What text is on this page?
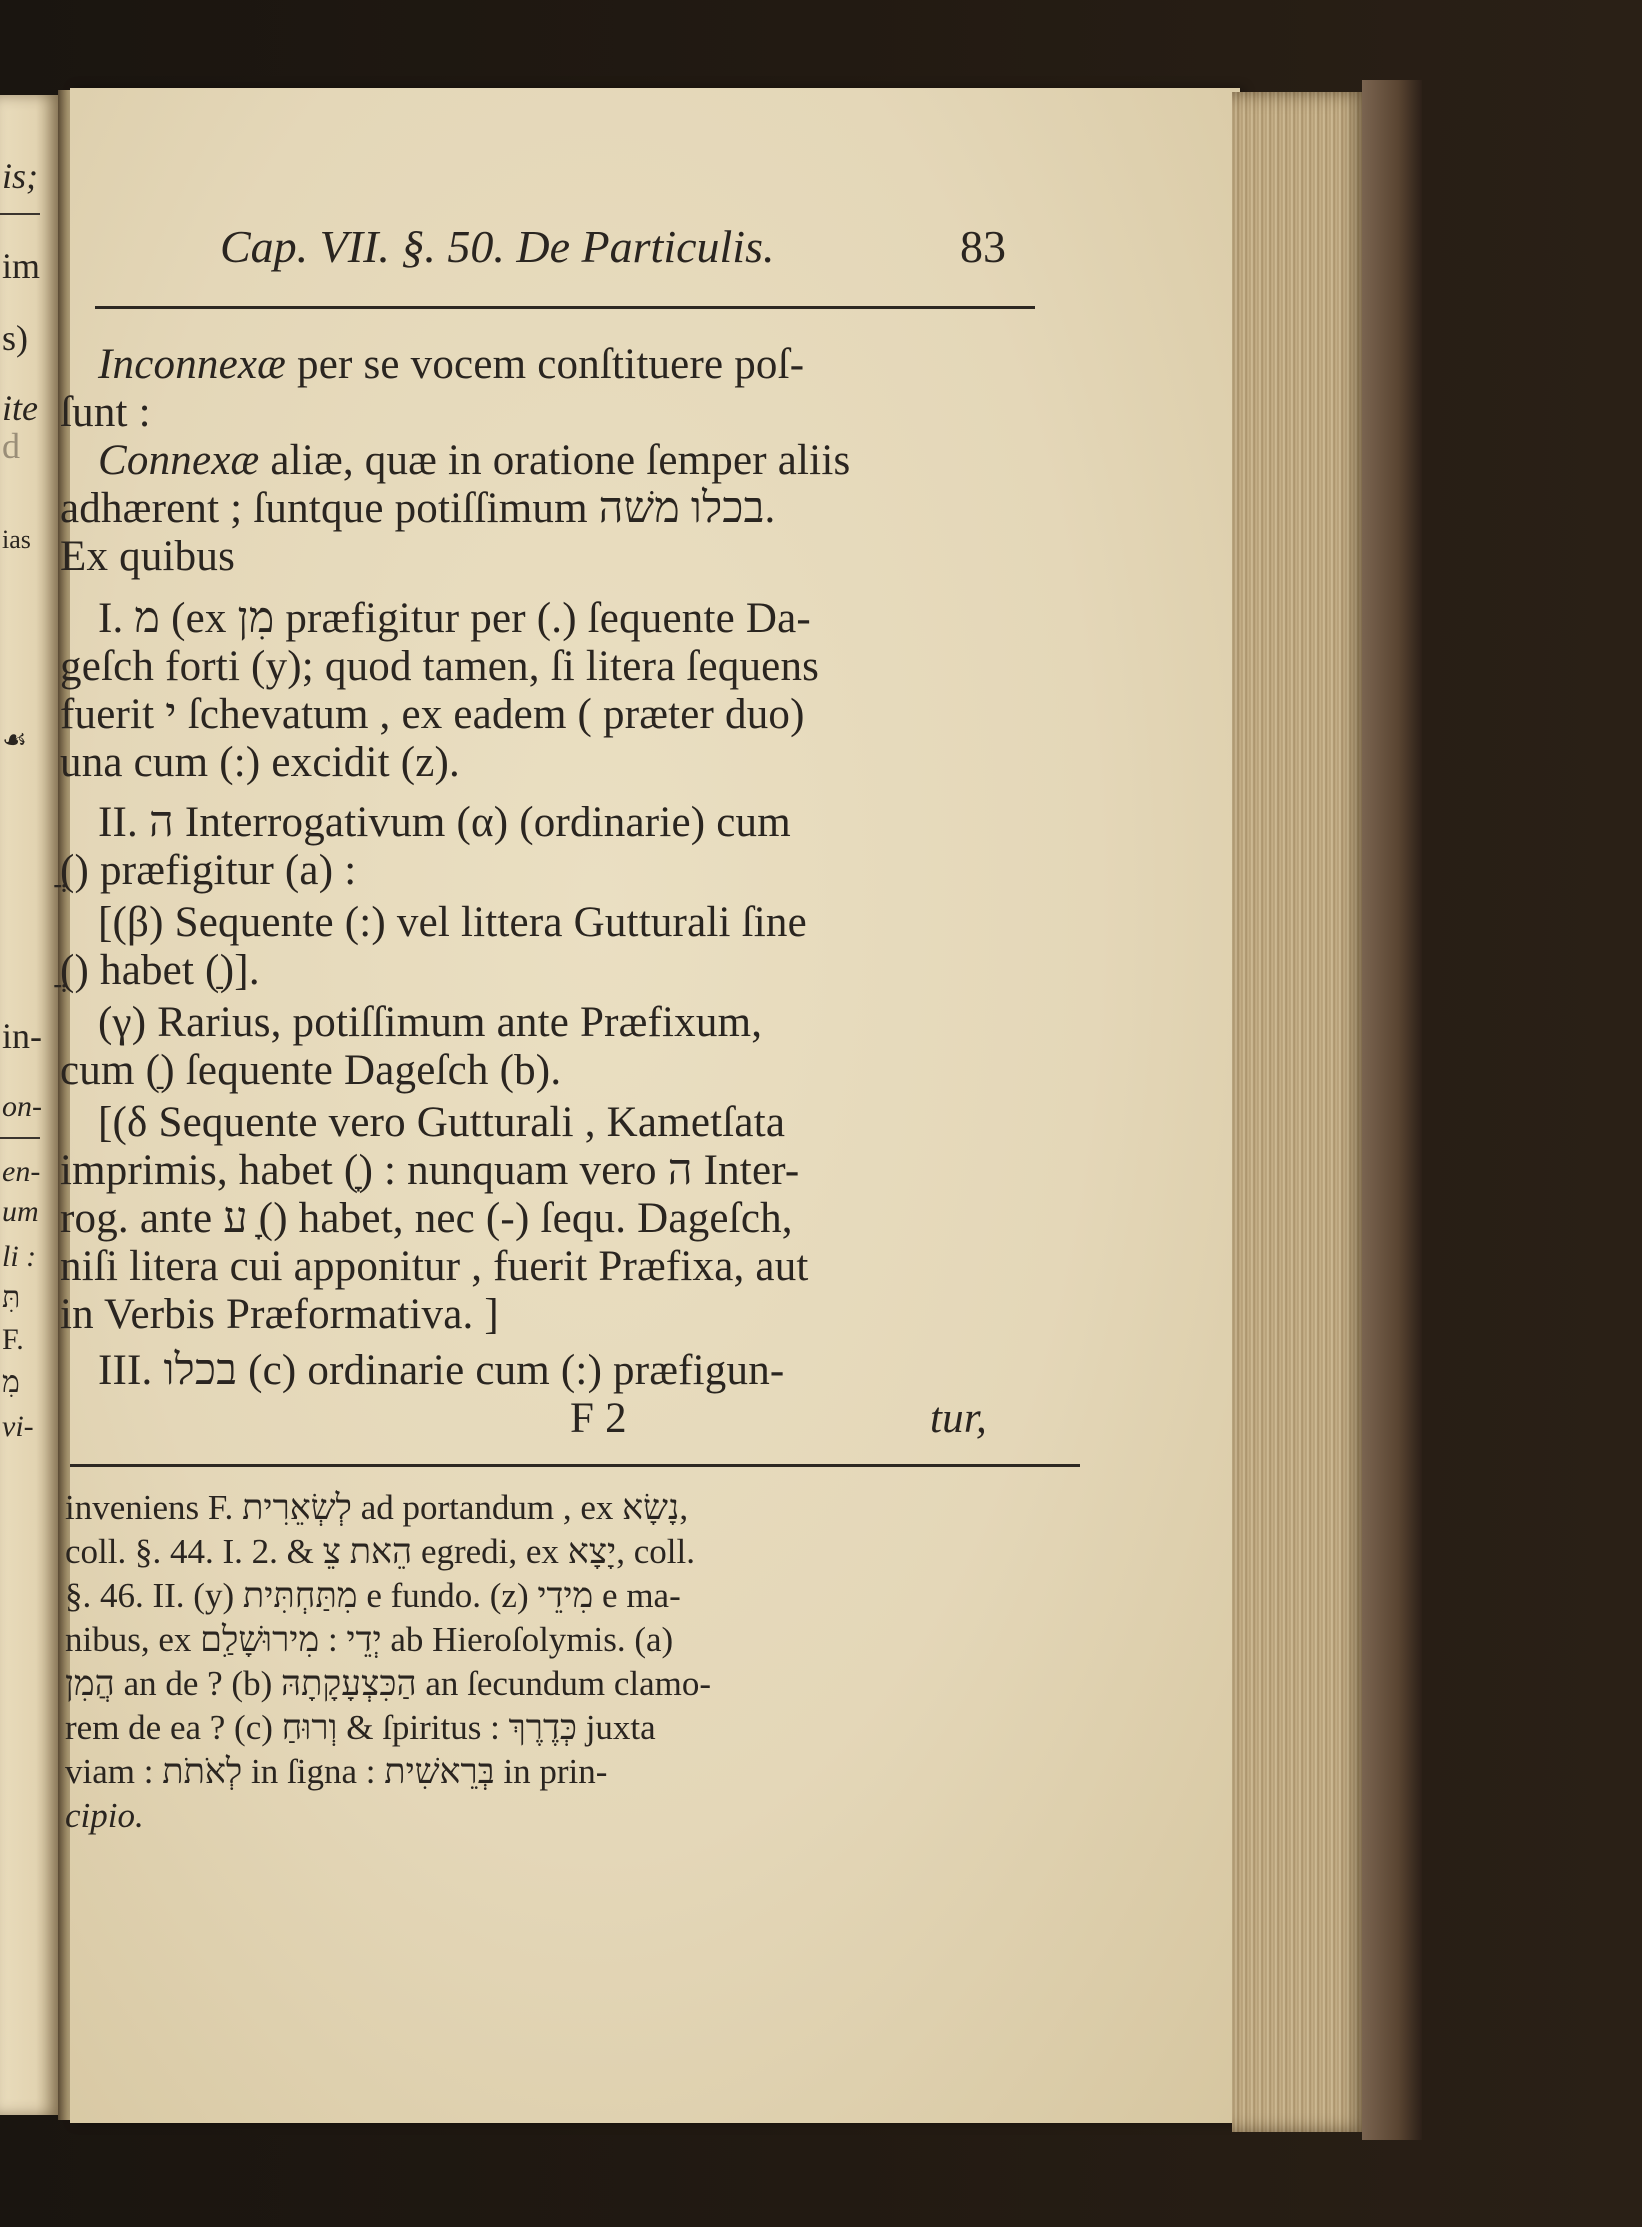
is;
im
s)
ite
d
ias
☙
in-
on-
en-
um
li :
תִּ
F.
מִ
vi-
Cap. VII. §. 50. De Particulis.	83
Inconnexæ per se vocem conſtituere poſ-
ſunt :
Connexæ aliæ, quæ in oratione ſemper aliis
adhærent ; ſuntque potiſſimum בכלו משׁה.
Ex quibus
I. מ (ex מִן præfigitur per (.) ſequente Da-
geſch forti (y); quod tamen, ſi litera ſequens
fuerit י ſchevatum , ex eadem ( præter duo)
una cum (:) excidit (z).
II. ה Interrogativum (α) (ordinarie) cum
(ֲ) præfigitur (a) :
[(β) Sequente (:) vel littera Gutturali ſine
(ֲ) habet (ַ)].
(γ) Rarius, potiſſimum ante Præfixum,
cum (ַ) ſequente Dageſch (b).
[(δ Sequente vero Gutturali , Kametſata
imprimis, habet (ָ) : nunquam vero ה Inter-
rog. ante ע (ָ) habet, nec (-) ſequ. Dageſch,
niſi litera cui apponitur , fuerit Præfixa, aut
in Verbis Præformativa. ]
III. בכלו (c) ordinarie cum (:) præfigun-
F 2	tur,
inveniens F. לְשְׂאֵרִית ad portandum , ex נָשָׂא,
coll. §. 44. I. 2. & הֵאת צֵ egredi, ex יָצָא, coll.
§. 46. II. (y) מִתַּחְתִּית e fundo. (z) מִידֵי e ma-
nibus, ex יְדֵי : מִירוּשָׁלִַם ab Hieroſolymis. (a)
הֲמִן an de ? (b) הַכִּצְעָקָתָהּ an ſecundum clamo-
rem de ea ? (c) וְרוּחַ & ſpiritus : כְּדֶרֶךְ juxta
viam : לְאֹתֹת in ſigna : בְּרֵאשִׁית in prin-
cipio.
